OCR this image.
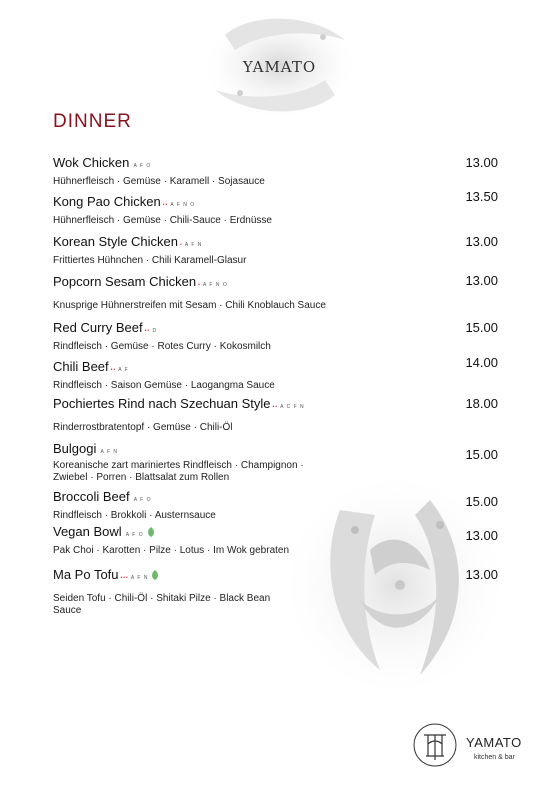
YAMATO
DINNER
Wok Chicken A F O
Hühnerfleisch · Gemüse · Karamell · Sojasauce
13.00
Kong Pao Chicken •• A F N O
Hühnerfleisch · Gemüse · Chili-Sauce · Erdnüsse
13.50
Korean Style Chicken • A F N
Frittiertes Hühnchen · Chili Karamell-Glasur
13.00
Popcorn Sesam Chicken • A F N O
Knusprige Hühnerstreifen mit Sesam · Chili Knoblauch Sauce
13.00
Red Curry Beef •• D
Rindfleisch · Gemüse · Rotes Curry · Kokosmilch
15.00
Chili Beef •• A F
Rindfleisch · Saison Gemüse · Laogangma Sauce
14.00
Pochiertes Rind nach Szechuan Style •• A C F N
Rinderrostbratentopf · Gemüse · Chili-Öl
18.00
Bulgogi A F N
Koreanische zart mariniertes Rindfleisch · Champignon · Zwiebel · Porren · Blattsalat zum Rollen
15.00
Broccoli Beef A F O
Rindfleisch · Brokkoli · Austernsauce
15.00
Vegan Bowl A F O
Pak Choi · Karotten · Pilze · Lotus · Im Wok gebraten
13.00
Ma Po Tofu ••• A F N
Seiden Tofu · Chili-Öl · Shitaki Pilze · Black Bean Sauce
13.00
YAMATO
kitchen & bar
